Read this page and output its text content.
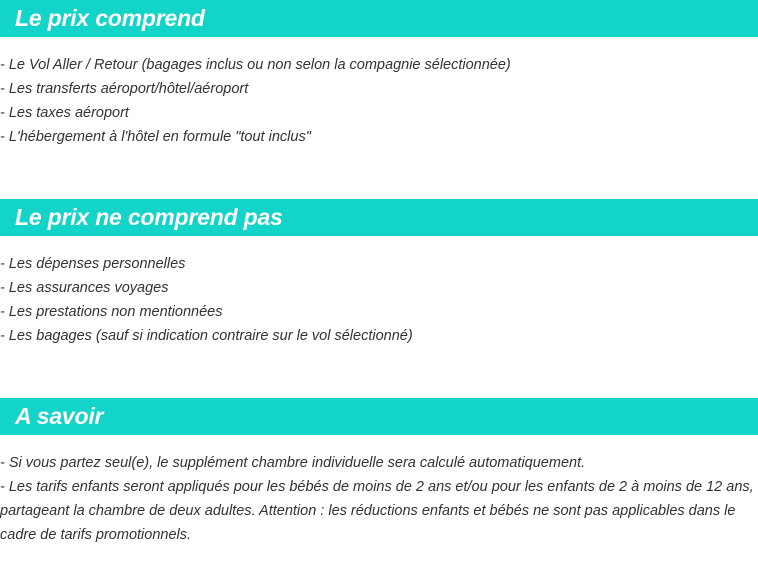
Le prix comprend
- Le Vol Aller / Retour (bagages inclus ou non selon la compagnie sélectionnée)
- Les transferts aéroport/hôtel/aéroport
- Les taxes aéroport
- L'hébergement à l'hôtel en formule "tout inclus"
Le prix ne comprend pas
- Les dépenses personnelles
- Les assurances voyages
- Les prestations non mentionnées
- Les bagages (sauf si indication contraire sur le vol sélectionné)
A savoir
- Si vous partez seul(e), le supplément chambre individuelle sera calculé automatiquement.
- Les tarifs enfants seront appliqués pour les bébés de moins de 2 ans et/ou pour les enfants de 2 à moins de 12 ans, partageant la chambre de deux adultes. Attention : les réductions enfants et bébés ne sont pas applicables dans le cadre de tarifs promotionnels.
